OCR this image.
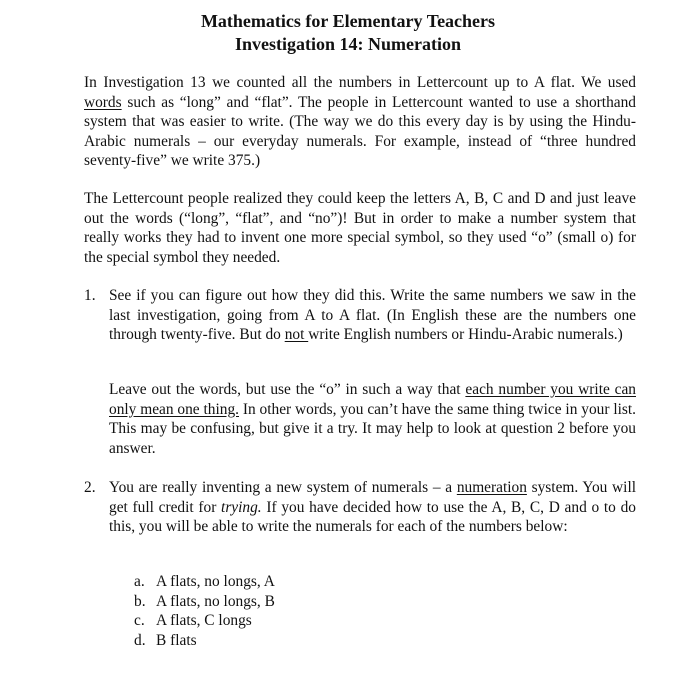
Mathematics for Elementary Teachers
Investigation 14: Numeration

In Investigation 13 we counted all the numbers in Lettercount up to A flat. We used words such as “long” and “flat”. The people in Lettercount wanted to use a shorthand system that was easier to write. (The way we do this every day is by using the Hindu-Arabic numerals – our everyday numerals. For example, instead of “three hundred seventy-five” we write 375.)

The Lettercount people realized they could keep the letters A, B, C and D and just leave out the words (“long”, “flat”, and “no”)! But in order to make a number system that really works they had to invent one more special symbol, so they used “o” (small o) for the special symbol they needed.

1. See if you can figure out how they did this. Write the same numbers we saw in the last investigation, going from A to A flat. (In English these are the numbers one through twenty-five. But do not write English numbers or Hindu-Arabic numerals.)

Leave out the words, but use the “o” in such a way that each number you write can only mean one thing. In other words, you can’t have the same thing twice in your list. This may be confusing, but give it a try. It may help to look at question 2 before you answer.

2. You are really inventing a new system of numerals – a numeration system. You will get full credit for trying. If you have decided how to use the A, B, C, D and o to do this, you will be able to write the numerals for each of the numbers below:

a. A flats, no longs, A
b. A flats, no longs, B
c. A flats, C longs
d. B flats
